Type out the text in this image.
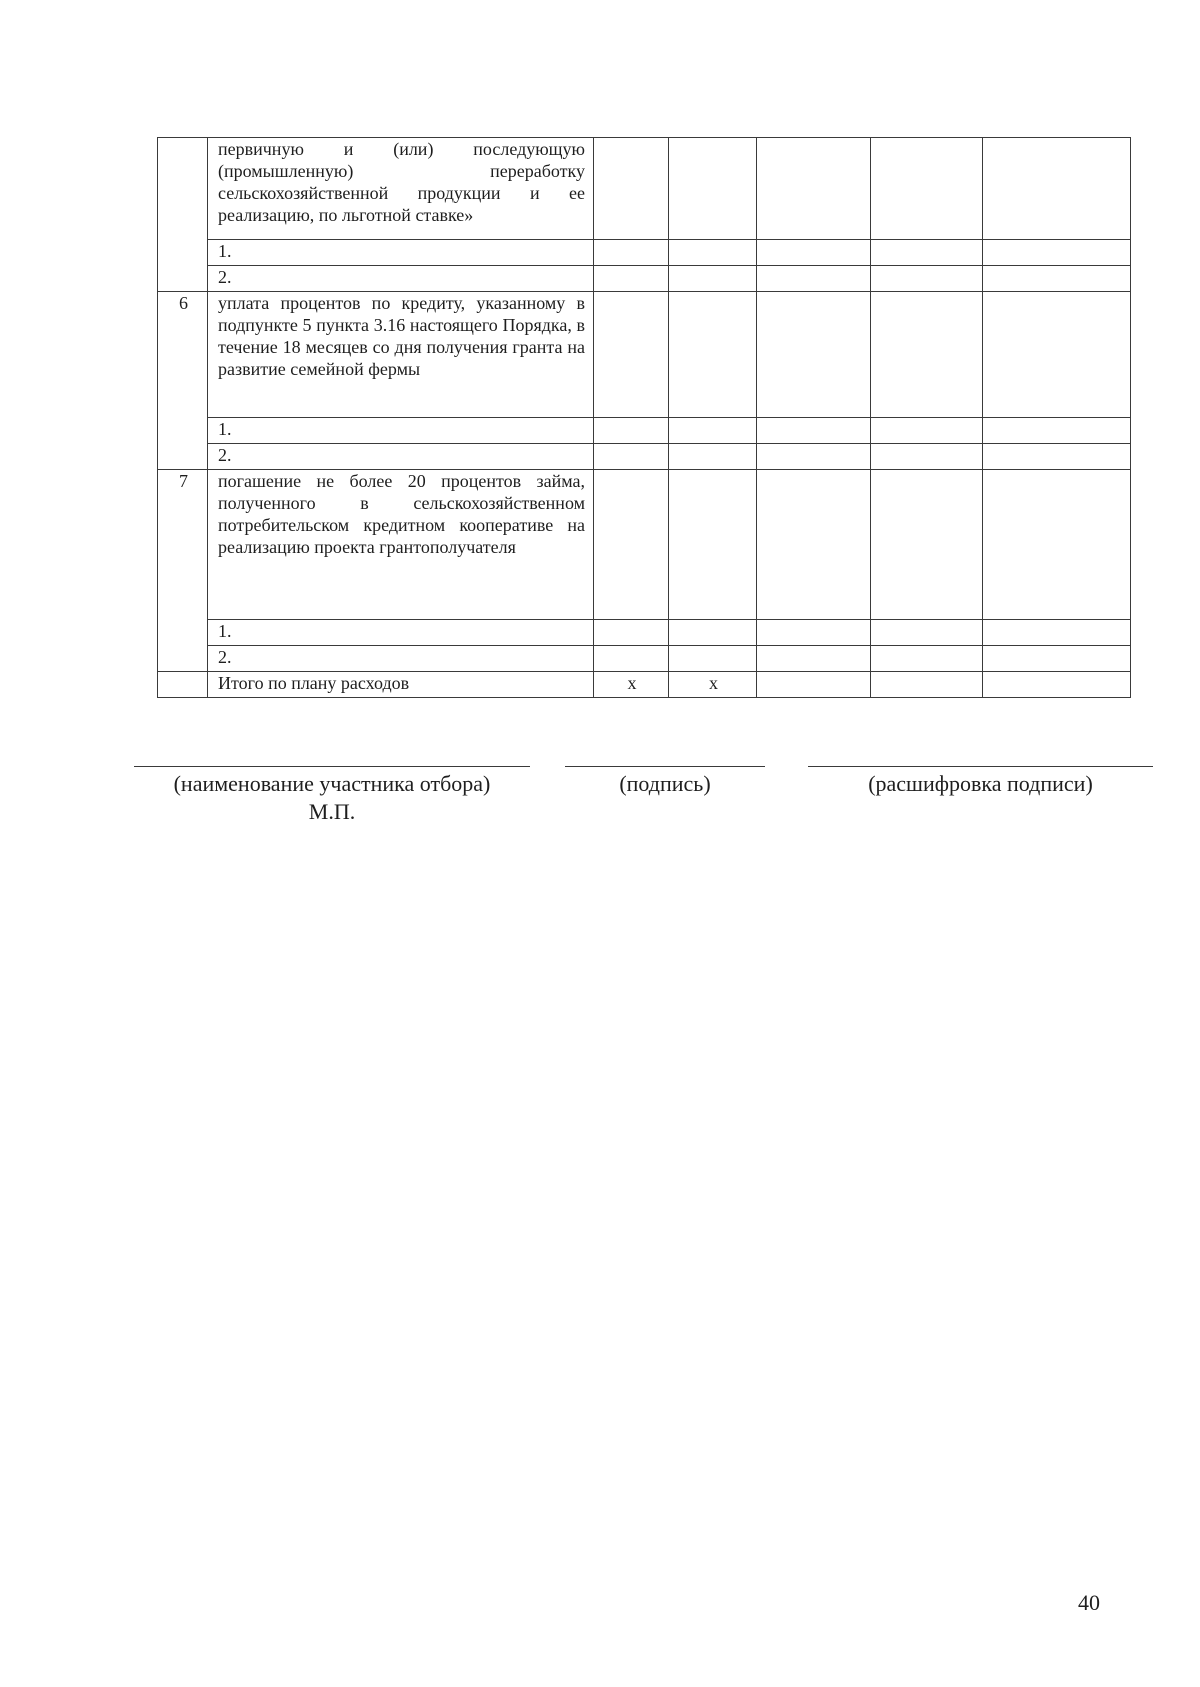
	первичную и (или) последующую (промышленную) переработку сельскохозяйственной продукции и ее реализацию, по льготной ставке»					
	1.					
	2.					
6	уплата процентов по кредиту, указанному в подпункте 5 пункта 3.16 настоящего Порядка, в течение 18 месяцев со дня получения гранта на развитие семейной фермы					
	1.					
	2.					
7	погашение не более 20 процентов займа, полученного в сельскохозяйственном потребительском кредитном кооперативе на реализацию проекта грантополучателя					
	1.					
	2.					
	Итого по плану расходов	х	х			
(наименование участника отбора)
М.П.
(подпись)	(расшифровка подписи)
40
